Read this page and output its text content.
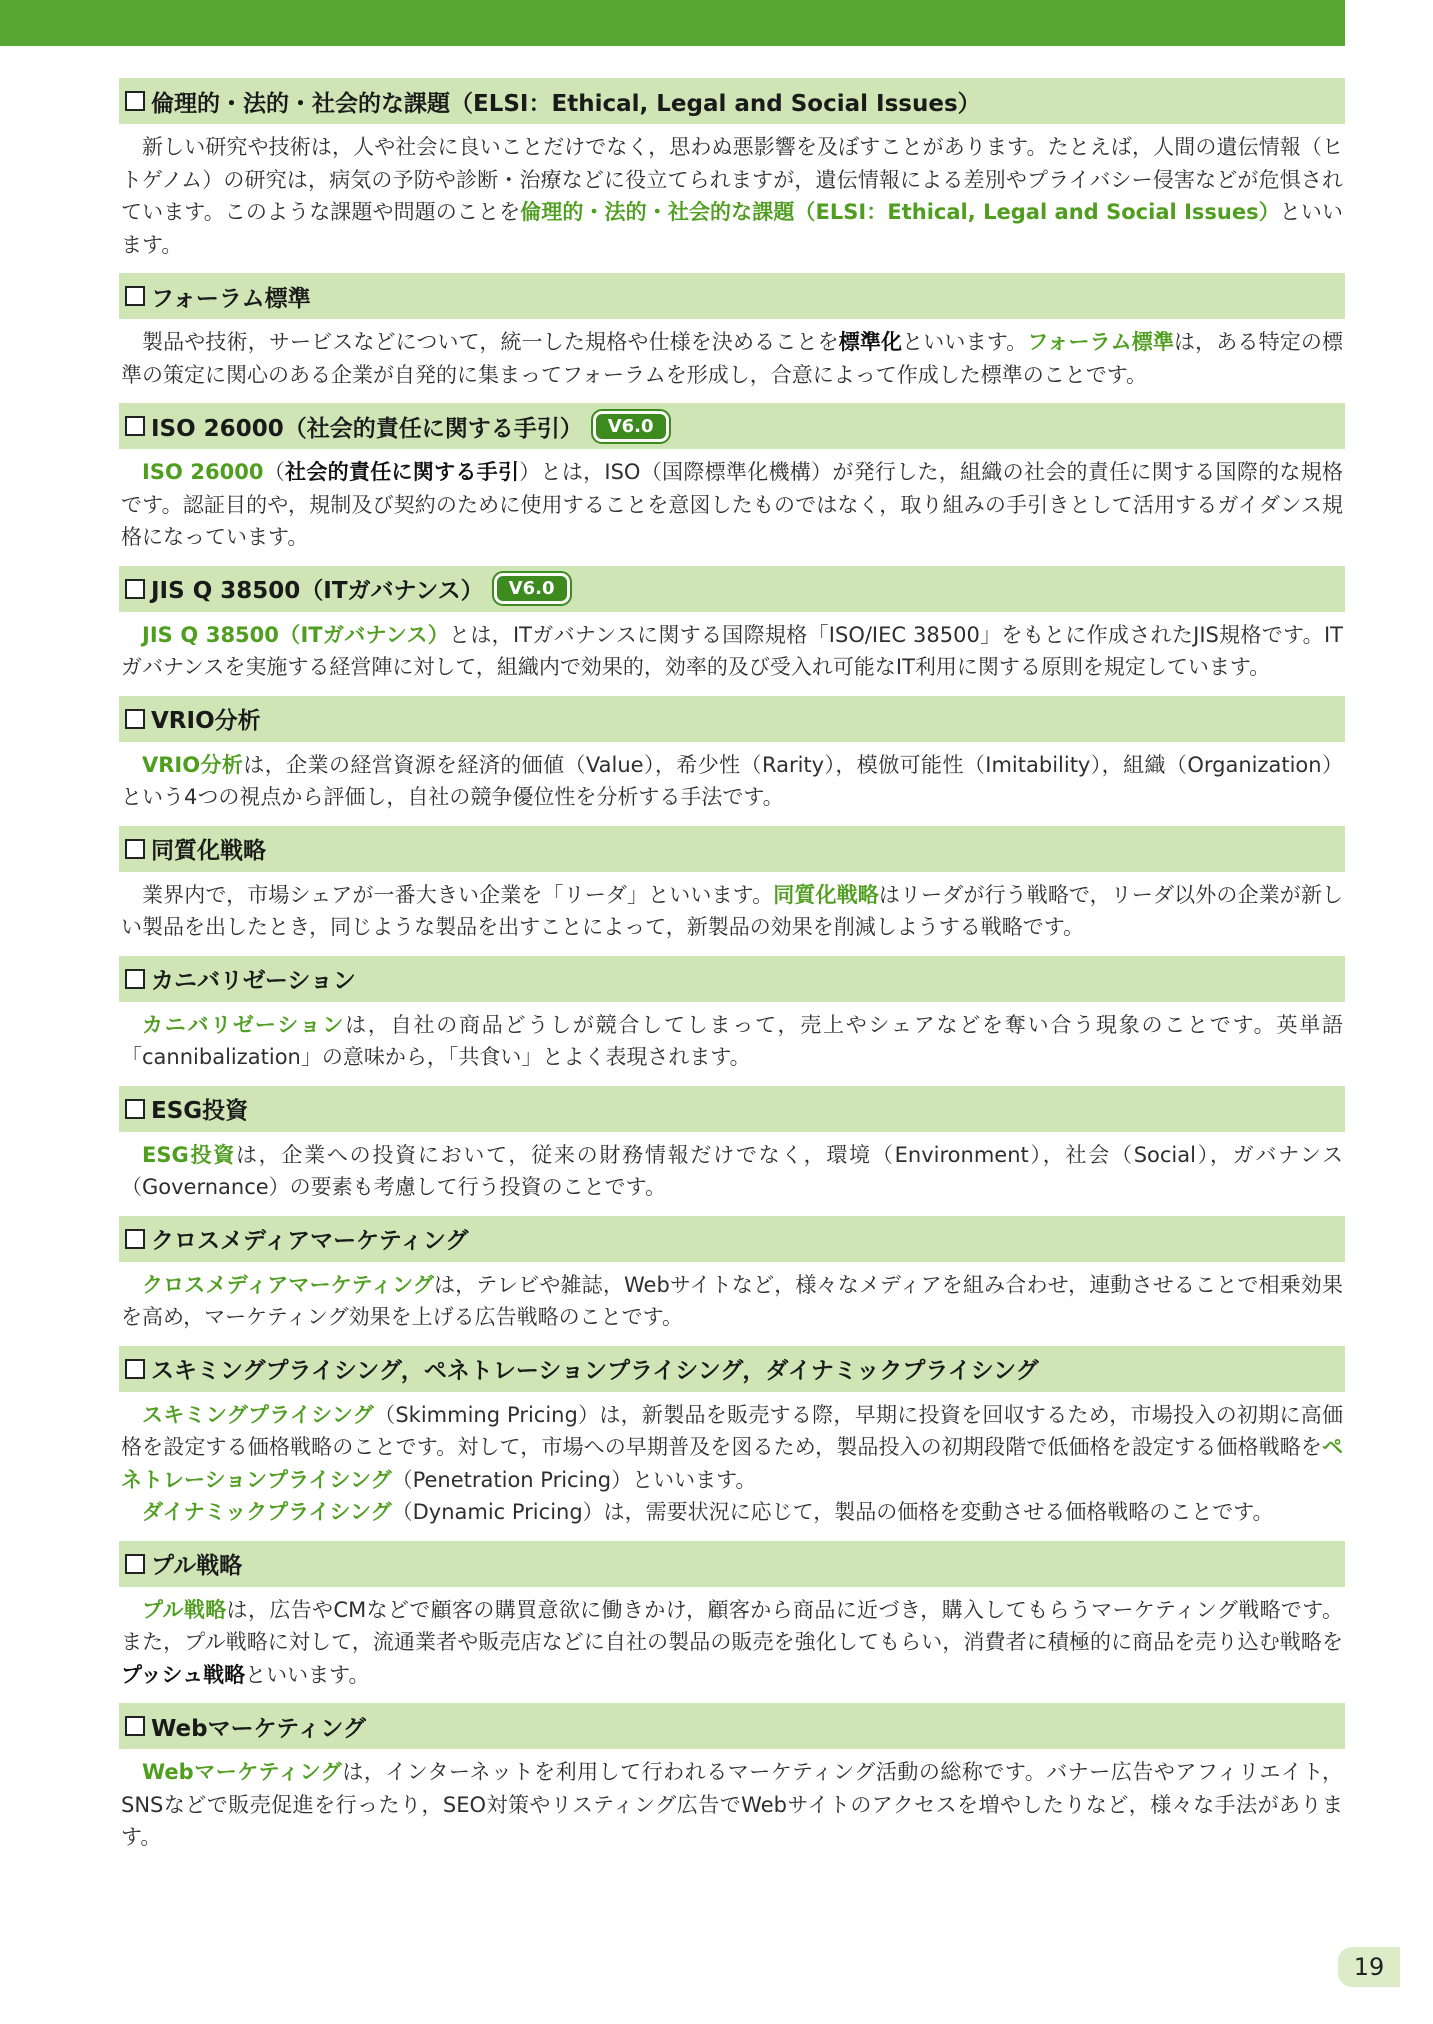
倫理的・法的・社会的な課題（ELSI：Ethical, Legal and Social Issues）

新しい研究や技術は，人や社会に良いことだけでなく，思わぬ悪影響を及ぼすことがあります。たとえば，人間の遺伝情報（ヒトゲノム）の研究は，病気の予防や診断・治療などに役立てられますが，遺伝情報による差別やプライバシー侵害などが危惧されています。このような課題や問題のことを倫理的・法的・社会的な課題（ELSI：Ethical, Legal and Social Issues）といいます。

フォーラム標準

製品や技術，サービスなどについて，統一した規格や仕様を決めることを標準化といいます。フォーラム標準は，ある特定の標準の策定に関心のある企業が自発的に集まってフォーラムを形成し，合意によって作成した標準のことです。

ISO 26000（社会的責任に関する手引）	V6.0

ISO 26000（社会的責任に関する手引）とは，ISO（国際標準化機構）が発行した，組織の社会的責任に関する国際的な規格です。認証目的や，規制及び契約のために使用することを意図したものではなく，取り組みの手引きとして活用するガイダンス規格になっています。

JIS Q 38500（ITガバナンス）	V6.0

JIS Q 38500（ITガバナンス）とは，ITガバナンスに関する国際規格「ISO/IEC 38500」をもとに作成されたJIS規格です。ITガバナンスを実施する経営陣に対して，組織内で効果的，効率的及び受入れ可能なIT利用に関する原則を規定しています。

VRIO分析

VRIO分析は，企業の経営資源を経済的価値（Value），希少性（Rarity），模倣可能性（Imitability），組織（Organization）という4つの視点から評価し，自社の競争優位性を分析する手法です。

同質化戦略

業界内で，市場シェアが一番大きい企業を「リーダ」といいます。同質化戦略はリーダが行う戦略で，リーダ以外の企業が新しい製品を出したとき，同じような製品を出すことによって，新製品の効果を削減しようする戦略です。

カニバリゼーション

カニバリゼーションは，自社の商品どうしが競合してしまって，売上やシェアなどを奪い合う現象のことです。英単語「cannibalization」の意味から，「共食い」とよく表現されます。

ESG投資

ESG投資は，企業への投資において，従来の財務情報だけでなく，環境（Environment），社会（Social），ガバナンス（Governance）の要素も考慮して行う投資のことです。

クロスメディアマーケティング

クロスメディアマーケティングは，テレビや雑誌，Webサイトなど，様々なメディアを組み合わせ，連動させることで相乗効果を高め，マーケティング効果を上げる広告戦略のことです。

スキミングプライシング，ペネトレーションプライシング，ダイナミックプライシング

スキミングプライシング（Skimming Pricing）は，新製品を販売する際，早期に投資を回収するため，市場投入の初期に高価格を設定する価格戦略のことです。対して，市場への早期普及を図るため，製品投入の初期段階で低価格を設定する価格戦略をペネトレーションプライシング（Penetration Pricing）といいます。

ダイナミックプライシング（Dynamic Pricing）は，需要状況に応じて，製品の価格を変動させる価格戦略のことです。

プル戦略

プル戦略は，広告やCMなどで顧客の購買意欲に働きかけ，顧客から商品に近づき，購入してもらうマーケティング戦略です。また，プル戦略に対して，流通業者や販売店などに自社の製品の販売を強化してもらい，消費者に積極的に商品を売り込む戦略をプッシュ戦略といいます。

Webマーケティング

Webマーケティングは，インターネットを利用して行われるマーケティング活動の総称です。バナー広告やアフィリエイト，SNSなどで販売促進を行ったり，SEO対策やリスティング広告でWebサイトのアクセスを増やしたりなど，様々な手法があります。

19
